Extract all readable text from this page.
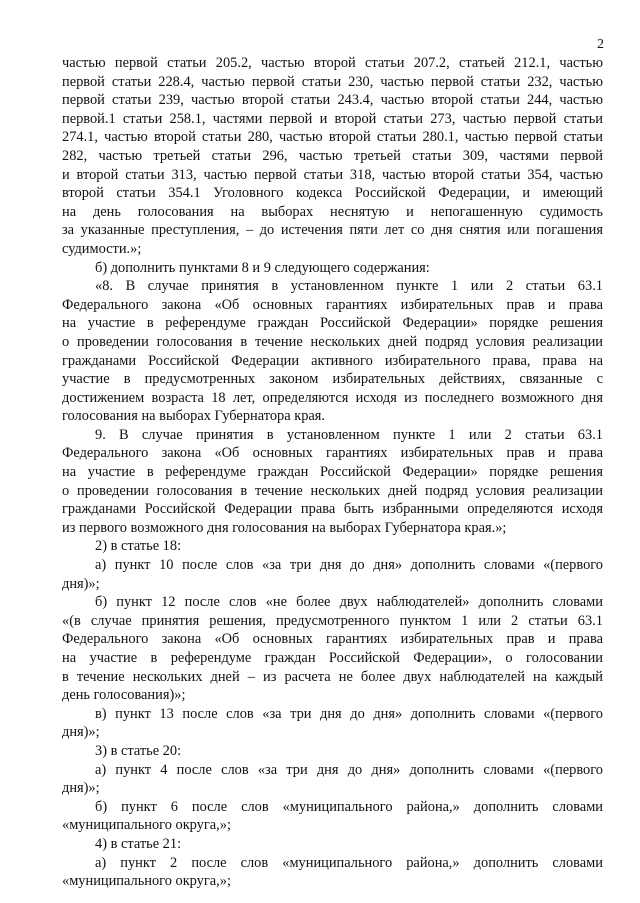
2
частью первой статьи 205.2, частью второй статьи 207.2, статьей 212.1, частью
первой статьи 228.4, частью первой статьи 230, частью первой статьи 232, частью
первой статьи 239, частью второй статьи 243.4, частью второй статьи 244, частью
первой.1 статьи 258.1, частями первой и второй статьи 273, частью первой статьи
274.1, частью второй статьи 280, частью второй статьи 280.1, частью первой статьи
282, частью третьей статьи 296, частью третьей статьи 309, частями первой
и второй статьи 313, частью первой статьи 318, частью второй статьи 354, частью
второй статьи 354.1 Уголовного кодекса Российской Федерации, и имеющий
на день голосования на выборах неснятую и непогашенную судимость
за указанные преступления, – до истечения пяти лет со дня снятия или погашения
судимости.»;
б) дополнить пунктами 8 и 9 следующего содержания:
«8. В случае принятия в установленном пункте 1 или 2 статьи 63.1
Федерального закона «Об основных гарантиях избирательных прав и права
на участие в референдуме граждан Российской Федерации» порядке решения
о проведении голосования в течение нескольких дней подряд условия реализации
гражданами Российской Федерации активного избирательного права, права на
участие в предусмотренных законом избирательных действиях, связанные с
достижением возраста 18 лет, определяются исходя из последнего возможного дня
голосования на выборах Губернатора края.
9. В случае принятия в установленном пункте 1 или 2 статьи 63.1
Федерального закона «Об основных гарантиях избирательных прав и права
на участие в референдуме граждан Российской Федерации» порядке решения
о проведении голосования в течение нескольких дней подряд условия реализации
гражданами Российской Федерации права быть избранными определяются исходя
из первого возможного дня голосования на выборах Губернатора края.»;
2) в статье 18:
а) пункт 10 после слов «за три дня до дня» дополнить словами «(первого
дня)»;
б) пункт 12 после слов «не более двух наблюдателей» дополнить словами
«(в случае принятия решения, предусмотренного пунктом 1 или 2 статьи 63.1
Федерального закона «Об основных гарантиях избирательных прав и права
на участие в референдуме граждан Российской Федерации», о голосовании
в течение нескольких дней – из расчета не более двух наблюдателей на каждый
день голосования)»;
в) пункт 13 после слов «за три дня до дня» дополнить словами «(первого
дня)»;
3) в статье 20:
а) пункт 4 после слов «за три дня до дня» дополнить словами «(первого
дня)»;
б) пункт 6 после слов «муниципального района,» дополнить словами
«муниципального округа,»;
4) в статье 21:
а) пункт 2 после слов «муниципального района,» дополнить словами
«муниципального округа,»;
